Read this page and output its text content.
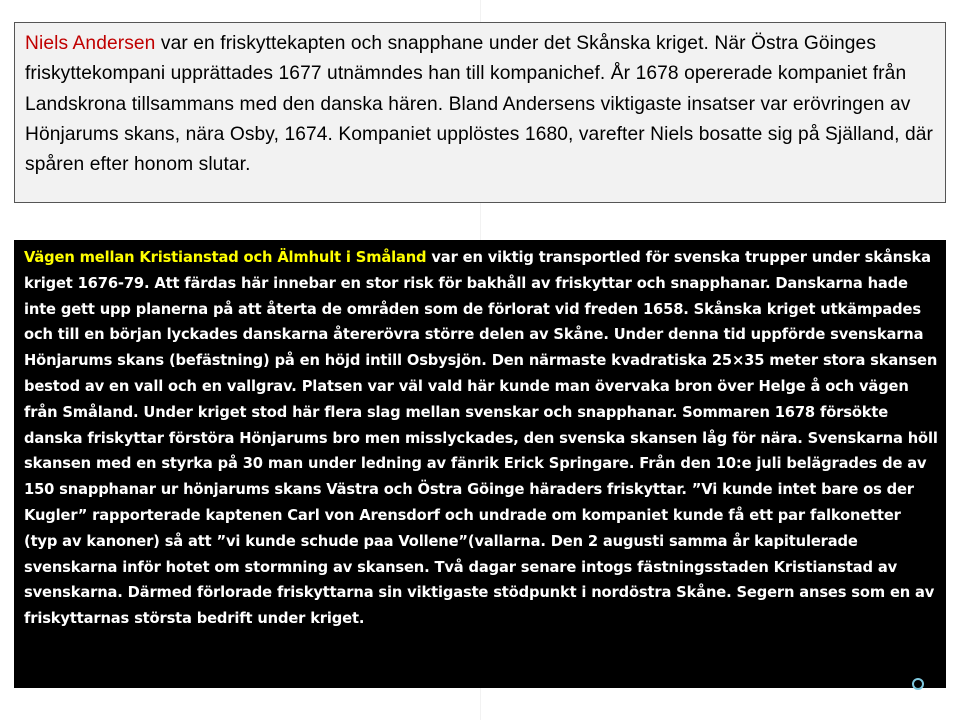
Niels Andersen var en friskyttekapten och snapphane under det Skånska kriget. När Östra Göinges friskyttekompani upprättades 1677 utnämndes han till kompanichef. År 1678 opererade kompaniet från Landskrona tillsammans med den danska hären. Bland Andersens viktigaste insatser var erövringen av Hönjarums skans, nära Osby, 1674. Kompaniet upplöstes 1680, varefter Niels bosatte sig på Själland, där spåren efter honom slutar.
Vägen mellan Kristianstad och Älmhult i Småland var en viktig transportled för svenska trupper under skånska kriget 1676-79. Att färdas här innebar en stor risk för bakhåll av friskyttar och snapphanar. Danskarna hade inte gett upp planerna på att återta de områden som de förlorat vid freden 1658. Skånska kriget utkämpades och till en början lyckades danskarna återerövra större delen av Skåne. Under denna tid uppförde svenskarna Hönjarums skans (befästning) på en höjd intill Osbysjön. Den närmaste kvadratiska 25×35 meter stora skansen bestod av en vall och en vallgrav. Platsen var väl vald här kunde man övervaka bron över Helge å och vägen från Småland. Under kriget stod här flera slag mellan svenskar och snapphanar. Sommaren 1678 försökte danska friskyttar förstöra Hönjarums bro men misslyckades, den svenska skansen låg för nära. Svenskarna höll skansen med en styrka på 30 man under ledning av fänrik Erick Springare. Från den 10:e juli belägrades de av 150 snapphanar ur hönjarums skans Västra och Östra Göinge häraders friskyttar. ”Vi kunde intet bare os der Kugler” rapporterade kaptenen Carl von Arensdorf och undrade om kompaniet kunde få ett par falkonetter (typ av kanoner) så att ”vi kunde schude paa Vollene”(vallarna. Den 2 augusti samma år kapitulerade svenskarna inför hotet om stormning av skansen. Två dagar senare intogs fästningsstaden Kristianstad av svenskarna. Därmed förlorade friskyttarna sin viktigaste stödpunkt i nordöstra Skåne. Segern anses som en av friskyttarnas största bedrift under kriget.
